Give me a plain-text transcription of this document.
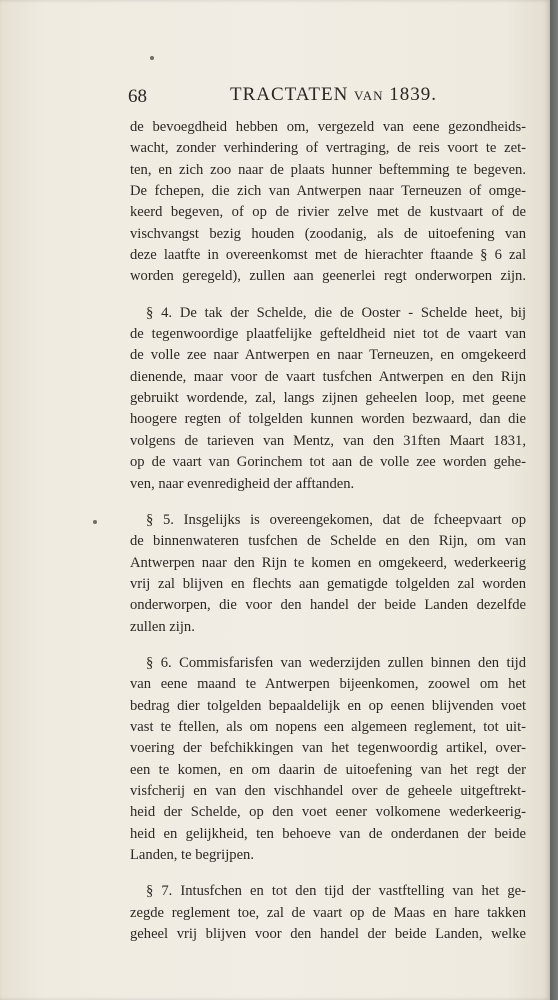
68	TRACTATEN van 1839.
de bevoegdheid hebben om, vergezeld van eene gezondheids-
wacht, zonder verhindering of vertraging, de reis voort te zet-
ten, en zich zoo naar de plaats hunner beftemming te begeven.
De fchepen, die zich van Antwerpen naar Terneuzen of omge-
keerd begeven, of op de rivier zelve met de kustvaart of de
vischvangst bezig houden (zoodanig, als de uitoefening van
deze laatfte in overeenkomst met de hierachter ftaande § 6 zal
worden geregeld), zullen aan geenerlei regt onderworpen zijn.
§ 4. De tak der Schelde, die de Ooster - Schelde heet, bij
de tegenwoordige plaatfelijke gefteldheid niet tot de vaart van
de volle zee naar Antwerpen en naar Terneuzen, en omgekeerd
dienende, maar voor de vaart tusfchen Antwerpen en den Rijn
gebruikt wordende, zal, langs zijnen geheelen loop, met geene
hoogere regten of tolgelden kunnen worden bezwaard, dan die
volgens de tarieven van Mentz, van den 31ften Maart 1831,
op de vaart van Gorinchem tot aan de volle zee worden gehe-
ven, naar evenredigheid der afftanden.
§ 5. Insgelijks is overeengekomen, dat de fcheepvaart op
de binnenwateren tusfchen de Schelde en den Rijn, om van
Antwerpen naar den Rijn te komen en omgekeerd, wederkeerig
vrij zal blijven en flechts aan gematigde tolgelden zal worden
onderworpen, die voor den handel der beide Landen dezelfde
zullen zijn.
§ 6. Commisfarisfen van wederzijden zullen binnen den tijd
van eene maand te Antwerpen bijeenkomen, zoowel om het
bedrag dier tolgelden bepaaldelijk en op eenen blijvenden voet
vast te ftellen, als om nopens een algemeen reglement, tot uit-
voering der befchikkingen van het tegenwoordig artikel, over-
een te komen, en om daarin de uitoefening van het regt der
visfcherij en van den vischhandel over de geheele uitgeftrekt-
heid der Schelde, op den voet eener volkomene wederkeerig-
heid en gelijkheid, ten behoeve van de onderdanen der beide
Landen, te begrijpen.
§ 7. Intusfchen en tot den tijd der vastftelling van het ge-
zegde reglement toe, zal de vaart op de Maas en hare takken
geheel vrij blijven voor den handel der beide Landen, welke
